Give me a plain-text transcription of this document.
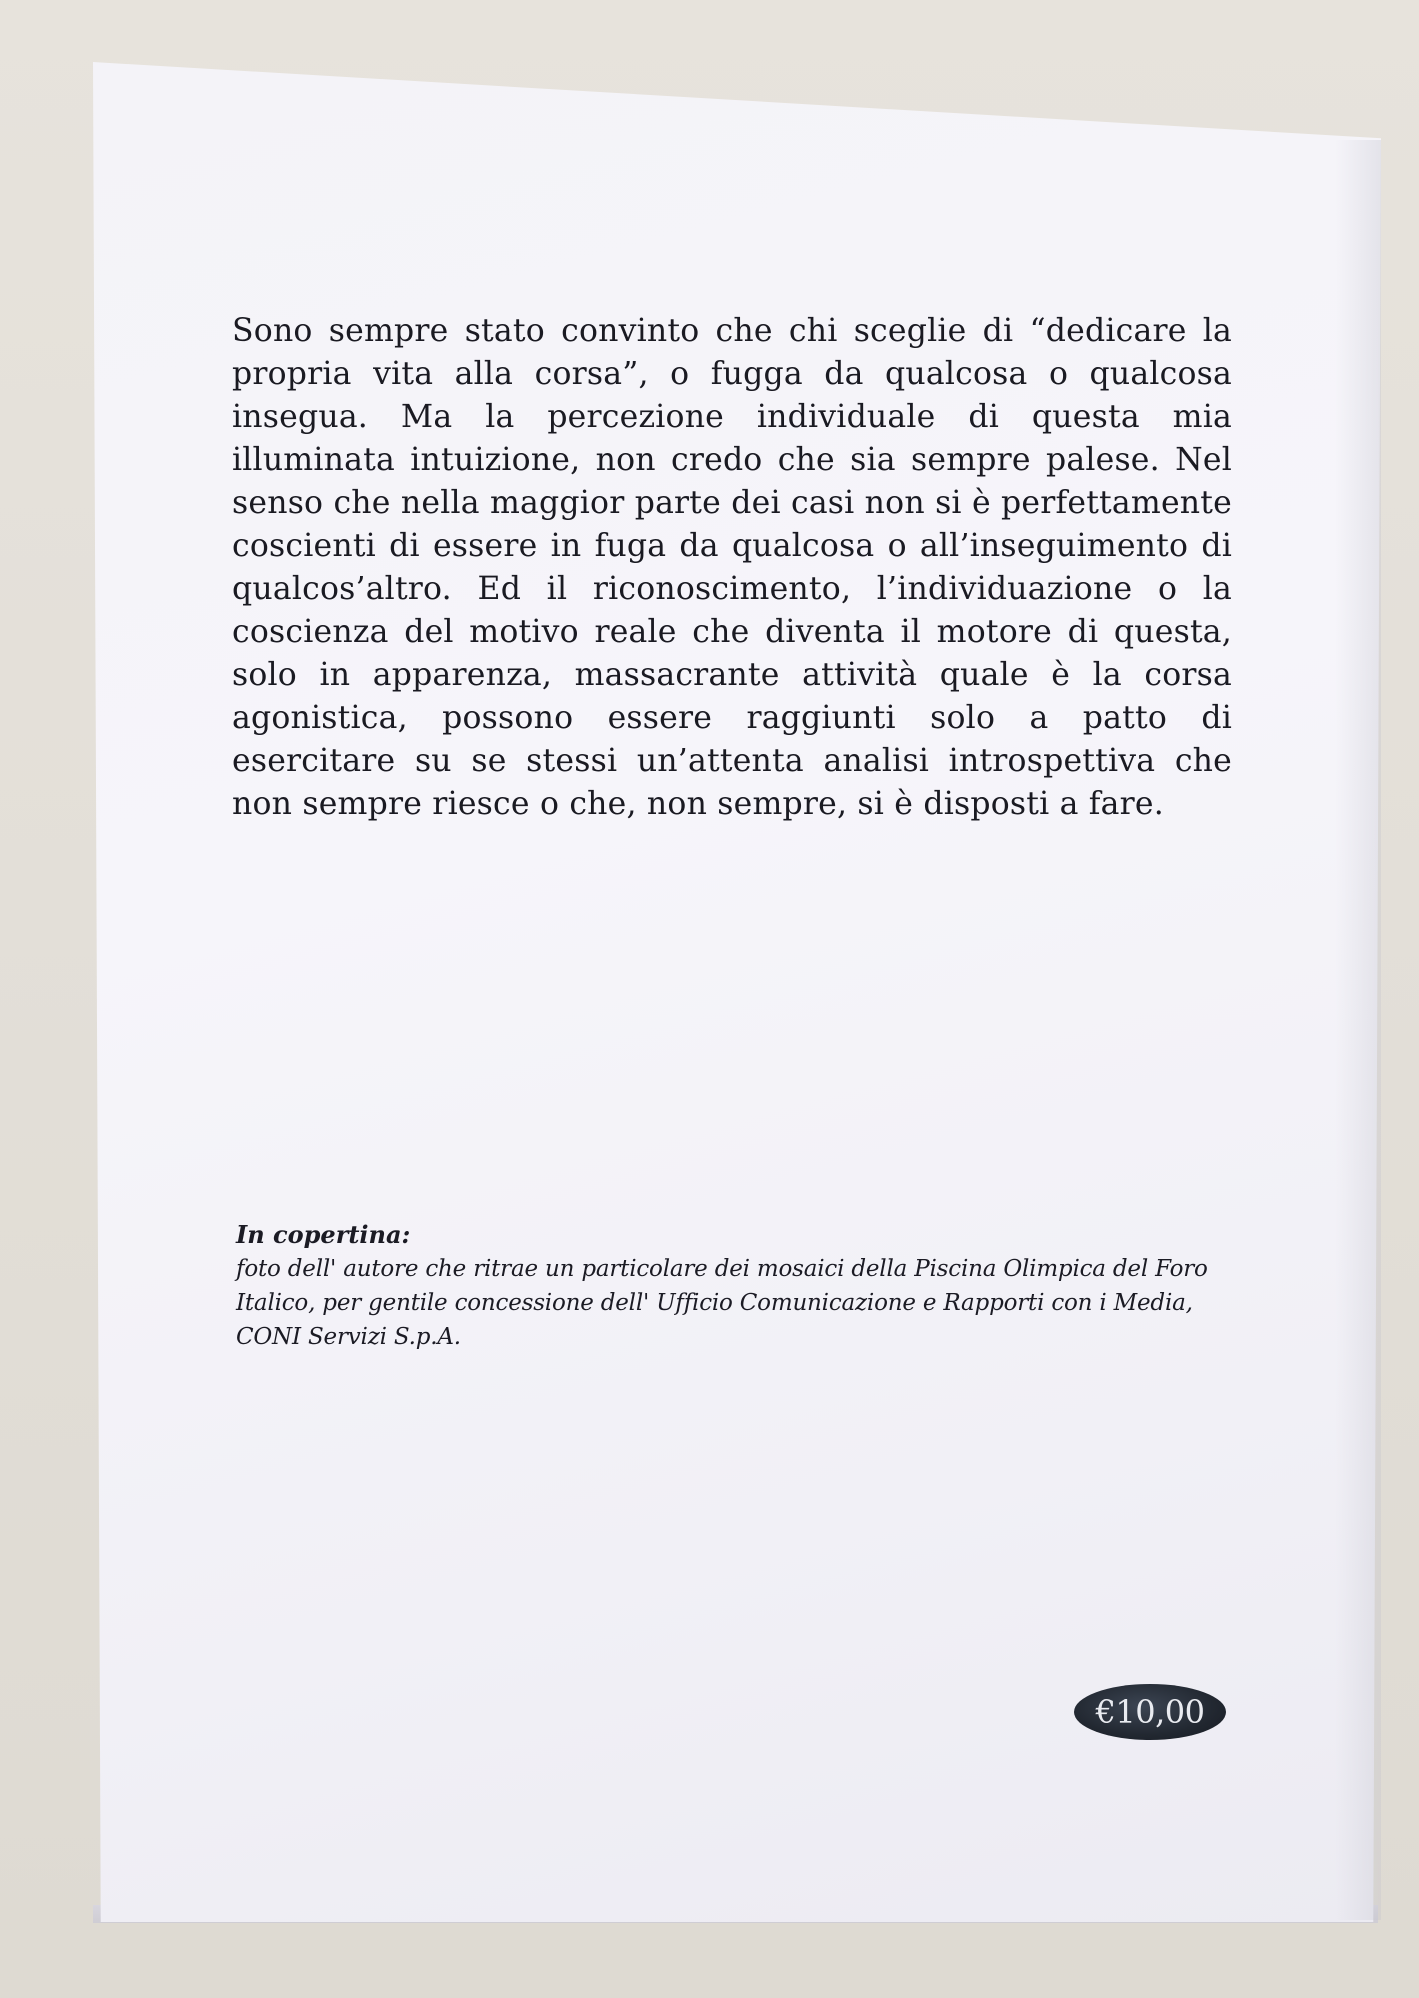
Sono sempre stato convinto che chi sceglie di “dedicare la propria vita alla corsa”, o fugga da qualcosa o qualcosa insegua. Ma la percezione individuale di questa mia illuminata intuizione, non credo che sia sempre palese. Nel senso che nella maggior parte dei casi non si è perfettamente coscienti di essere in fuga da qualcosa o all’inseguimento di qualcos’altro. Ed il riconoscimento, l’individuazione o la coscienza del motivo reale che diventa il motore di questa, solo in apparenza, massacrante attività quale è la corsa agonistica, possono essere raggiunti solo a patto di esercitare su se stessi un’attenta analisi introspettiva che non sempre riesce o che, non sempre, si è disposti a fare.

In copertina:
foto dell' autore che ritrae un particolare dei mosaici della Piscina Olimpica del Foro Italico, per gentile concessione dell' Ufficio Comunicazione e Rapporti con i Media, CONI Servizi S.p.A.
€10,00
